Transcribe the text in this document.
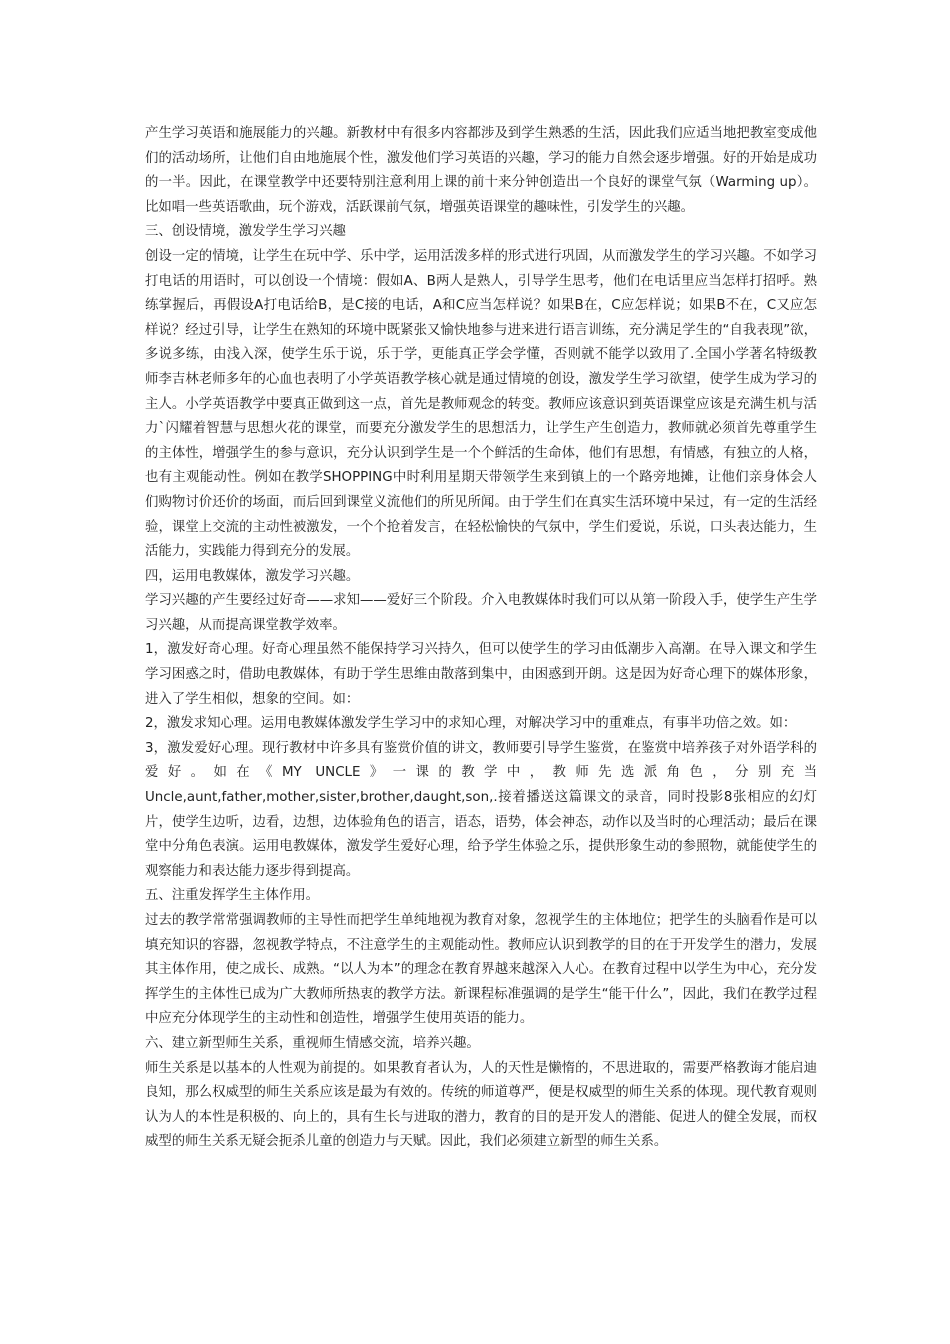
产生学习英语和施展能力的兴趣。新教材中有很多内容都涉及到学生熟悉的生活，因此我们应适当地把教室变成他们的活动场所，让他们自由地施展个性，激发他们学习英语的兴趣，学习的能力自然会逐步增强。好的开始是成功的一半。因此，在课堂教学中还要特别注意利用上课的前十来分钟创造出一个良好的课堂气氛（Warming up）。比如唱一些英语歌曲，玩个游戏，活跃课前气氛，增强英语课堂的趣味性，引发学生的兴趣。

三、创设情境，激发学生学习兴趣

创设一定的情境，让学生在玩中学、乐中学，运用活泼多样的形式进行巩固，从而激发学生的学习兴趣。不如学习打电话的用语时，可以创设一个情境：假如A、B两人是熟人，引导学生思考，他们在电话里应当怎样打招呼。熟练掌握后，再假设A打电话给B，是C接的电话，A和C应当怎样说？如果B在，C应怎样说；如果B不在，C又应怎样说？经过引导，让学生在熟知的环境中既紧张又愉快地参与进来进行语言训练，充分满足学生的“自我表现”欲，多说多练，由浅入深，使学生乐于说，乐于学，更能真正学会学懂，否则就不能学以致用了.全国小学著名特级教师李吉林老师多年的心血也表明了小学英语教学核心就是通过情境的创设，激发学生学习欲望，使学生成为学习的主人。小学英语教学中要真正做到这一点，首先是教师观念的转变。教师应该意识到英语课堂应该是充满生机与活力`闪耀着智慧与思想火花的课堂，而要充分激发学生的思想活力，让学生产生创造力，教师就必须首先尊重学生的主体性，增强学生的参与意识，充分认识到学生是一个个鲜活的生命体，他们有思想，有情感，有独立的人格，也有主观能动性。例如在教学SHOPPING中时利用星期天带领学生来到镇上的一个路旁地摊，让他们亲身体会人们购物讨价还价的场面，而后回到课堂义流他们的所见所闻。由于学生们在真实生活环境中呆过，有一定的生活经验，课堂上交流的主动性被激发，一个个抢着发言，在轻松愉快的气氛中，学生们爱说，乐说，口头表达能力，生活能力，实践能力得到充分的发展。

四，运用电教媒体，激发学习兴趣。

学习兴趣的产生要经过好奇——求知——爱好三个阶段。介入电教媒体时我们可以从第一阶段入手，使学生产生学习兴趣，从而提高课堂教学效率。

1，激发好奇心理。好奇心理虽然不能保持学习兴持久，但可以使学生的学习由低潮步入高潮。在导入课文和学生学习困惑之时，借助电教媒体，有助于学生思维由散落到集中，由困惑到开朗。这是因为好奇心理下的媒体形象，进入了学生相似，想象的空间。如：

2，激发求知心理。运用电教媒体激发学生学习中的求知心理，对解决学习中的重难点，有事半功倍之效。如：

3，激发爱好心理。现行教材中许多具有鉴赏价值的讲文，教师要引导学生鉴赏，在鉴赏中培养孩子对外语学科的爱好。如在《MY UNCLE》一课的教学中，教师先选派角色，分别充当Uncle,aunt,father,mother,sister,brother,daught,son,.接着播送这篇课文的录音，同时投影8张相应的幻灯片，使学生边听，边看，边想，边体验角色的语言，语态，语势，体会神态，动作以及当时的心理活动；最后在课堂中分角色表演。运用电教媒体，激发学生爱好心理，给予学生体验之乐，提供形象生动的参照物，就能使学生的观察能力和表达能力逐步得到提高。

五、注重发挥学生主体作用。

过去的教学常常强调教师的主导性而把学生单纯地视为教育对象，忽视学生的主体地位；把学生的头脑看作是可以填充知识的容器，忽视教学特点，不注意学生的主观能动性。教师应认识到教学的目的在于开发学生的潜力，发展其主体作用，使之成长、成熟。“以人为本”的理念在教育界越来越深入人心。在教育过程中以学生为中心，充分发挥学生的主体性已成为广大教师所热衷的教学方法。新课程标准强调的是学生“能干什么”，因此，我们在教学过程中应充分体现学生的主动性和创造性，增强学生使用英语的能力。

六、建立新型师生关系，重视师生情感交流，培养兴趣。

师生关系是以基本的人性观为前提的。如果教育者认为，人的天性是懒惰的，不思进取的，需要严格教诲才能启迪良知，那么权威型的师生关系应该是最为有效的。传统的师道尊严，便是权威型的师生关系的体现。现代教育观则认为人的本性是积极的、向上的，具有生长与进取的潜力，教育的目的是开发人的潜能、促进人的健全发展，而权威型的师生关系无疑会扼杀儿童的创造力与天赋。因此，我们必须建立新型的师生关系。
